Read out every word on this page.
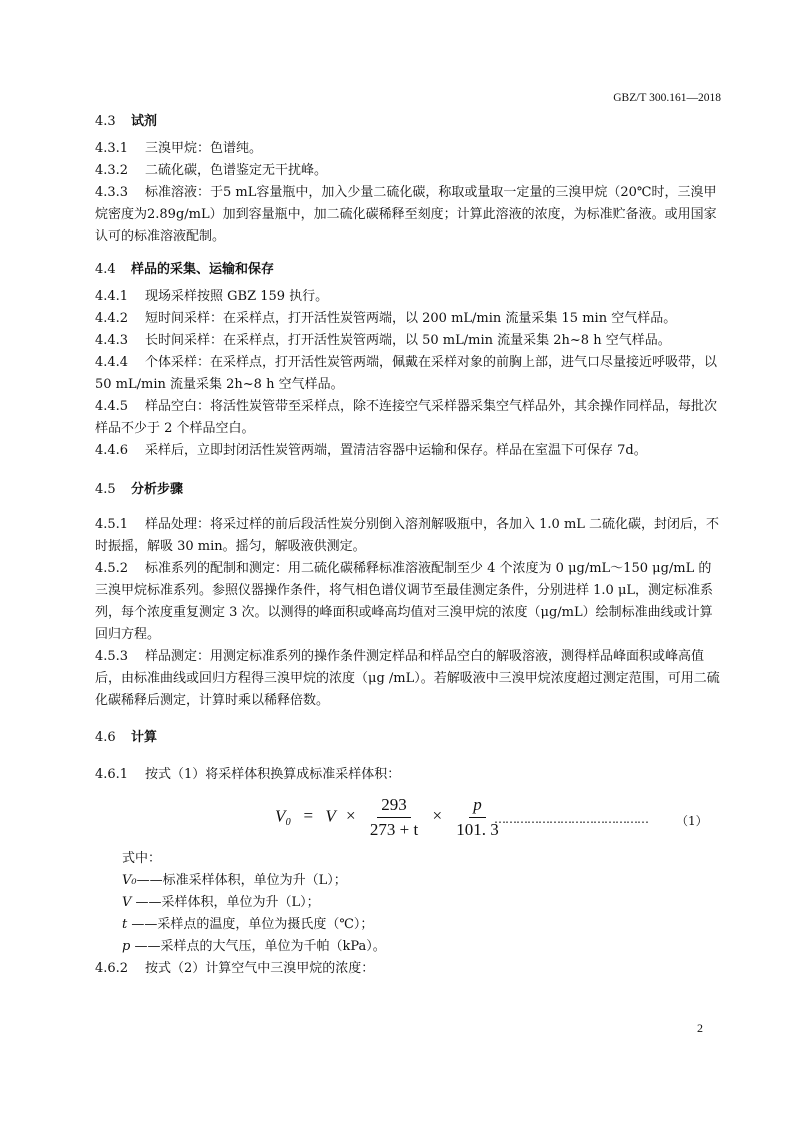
GBZ/T 300.161—2018
4.3 试剂
4.3.1 三溴甲烷：色谱纯。
4.3.2 二硫化碳，色谱鉴定无干扰峰。
4.3.3 标准溶液：于5 mL容量瓶中，加入少量二硫化碳，称取或量取一定量的三溴甲烷（20℃时，三溴甲烷密度为2.89g/mL）加到容量瓶中，加二硫化碳稀释至刻度；计算此溶液的浓度，为标准贮备液。或用国家认可的标准溶液配制。
4.4 样品的采集、运输和保存
4.4.1 现场采样按照 GBZ 159 执行。
4.4.2 短时间采样：在采样点，打开活性炭管两端，以 200 mL/min 流量采集 15 min 空气样品。
4.4.3 长时间采样：在采样点，打开活性炭管两端，以 50 mL/min 流量采集 2h~8 h 空气样品。
4.4.4 个体采样：在采样点，打开活性炭管两端，佩戴在采样对象的前胸上部，进气口尽量接近呼吸带，以 50 mL/min 流量采集 2h~8 h 空气样品。
4.4.5 样品空白：将活性炭管带至采样点，除不连接空气采样器采集空气样品外，其余操作同样品，每批次样品不少于 2 个样品空白。
4.4.6 采样后，立即封闭活性炭管两端，置清洁容器中运输和保存。样品在室温下可保存 7d。
4.5 分析步骤
4.5.1 样品处理：将采过样的前后段活性炭分别倒入溶剂解吸瓶中，各加入 1.0 mL 二硫化碳，封闭后，不时振摇，解吸 30 min。摇匀，解吸液供测定。
4.5.2 标准系列的配制和测定：用二硫化碳稀释标准溶液配制至少 4 个浓度为 0 μg/mL～150 μg/mL 的三溴甲烷标准系列。参照仪器操作条件，将气相色谱仪调节至最佳测定条件，分别进样 1.0 μL，测定标准系列，每个浓度重复测定 3 次。以测得的峰面积或峰高均值对三溴甲烷的浓度（μg/mL）绘制标准曲线或计算回归方程。
4.5.3 样品测定：用测定标准系列的操作条件测定样品和样品空白的解吸溶液，测得样品峰面积或峰高值后，由标准曲线或回归方程得三溴甲烷的浓度（μg /mL）。若解吸液中三溴甲烷浓度超过测定范围，可用二硫化碳稀释后测定，计算时乘以稀释倍数。
4.6 计算
4.6.1 按式（1）将采样体积换算成标准采样体积：
$V_0 = V \times \frac{293}{273 + t} \times \frac{p}{101. 3}$
…………………………………… （1）
式中：
V₀——标准采样体积，单位为升（L）；
V ——采样体积，单位为升（L）；
t ——采样点的温度，单位为摄氏度（℃）；
p ——采样点的大气压，单位为千帕（kPa）。
4.6.2 按式（2）计算空气中三溴甲烷的浓度：
2
